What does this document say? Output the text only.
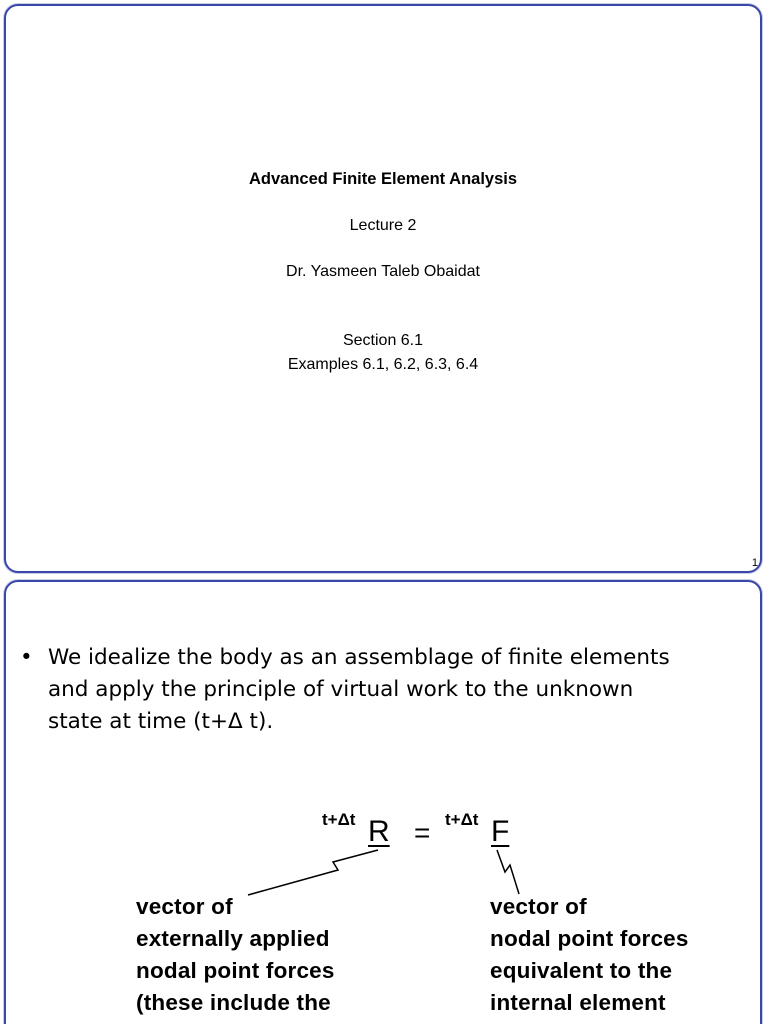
Advanced Finite Element Analysis
Lecture 2
Dr. Yasmeen Taleb Obaidat
Section 6.1
Examples 6.1, 6.2, 6.3, 6.4
1
• We idealize the body as an assemblage of finite elements
and apply the principle of virtual work to the unknown
state at time (t+Δ t).
t+Δt R = t+Δt F
vector of
externally applied
nodal point forces
(these include the
vector of
nodal point forces
equivalent to the
internal element
